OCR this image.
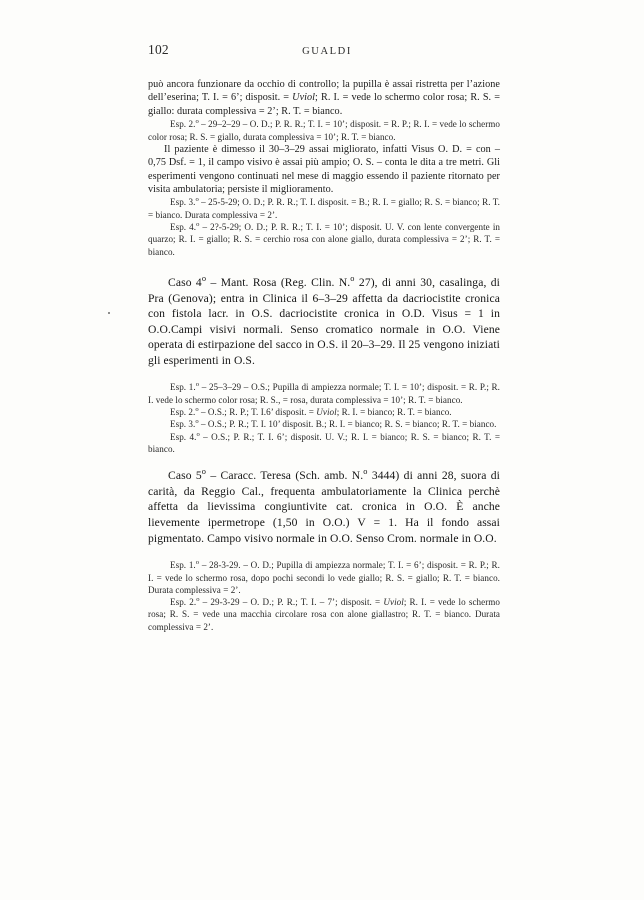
102	GUALDI

può ancora funzionare da occhio di controllo; la pupilla è assai ristretta per l’azione dell’eserina; T. I. = 6’; disposit. = Uviol; R. I. = vede lo schermo color rosa; R. S. = giallo: durata complessiva = 2’; R. T. = bianco.

Esp. 2.$^o$ – 29–2–29 – O. D.; P. R. R.; T. I. = 10’; disposit. = R. P.; R. I. = vede lo schermo color rosa; R. S. = giallo, durata complessiva = 10’; R. T. = bianco.

Il paziente è dimesso il 30–3–29 assai migliorato, infatti Visus O. D. = con – 0,75 Dsf. = 1, il campo visivo è assai più ampio; O. S. – conta le dita a tre metri. Gli esperimenti vengono continuati nel mese di maggio essendo il paziente ritornato per visita ambulatoria; persiste il miglioramento.

Esp. 3.$^o$ – 25-5-29; O. D.; P. R. R.; T. I. disposit. = B.; R. I. = giallo; R. S. = bianco; R. T. = bianco. Durata complessiva = 2’.

Esp. 4.$^o$ – 2?-5-29; O. D.; P. R. R.; T. I. = 10’; disposit. U. V. con lente convergente in quarzo; R. I. = giallo; R. S. = cerchio rosa con alone giallo, durata complessiva = 2’; R. T. = bianco.

Caso 4$^o$ – Mant. Rosa (Reg. Clin. N.$^o$ 27), di anni 30, casalinga, di Pra (Genova); entra in Clinica il 6–3–29 affetta da dacriocistite cronica con fistola lacr. in O.S. dacriocistite cronica in O.D. Visus = 1 in O.O.Campi visivi normali. Senso cromatico normale in O.O. Viene operata di estirpazione del sacco in O.S. il 20–3–29. Il 25 vengono iniziati gli esperimenti in O.S.

Esp. 1.$^o$ – 25–3–29 – O.S.; Pupilla di ampiezza normale; T. I. = 10’; disposit. = R. P.; R. I. vede lo schermo color rosa; R. S., = rosa, durata complessiva = 10’; R. T. = bianco.

Esp. 2.$^o$ – O.S.; R. P.; T. I.6’ disposit. = Uviol; R. I. = bianco; R. T. = bianco.

Esp. 3.$^o$ – O.S.; P. R.; T. I. 10’ disposit. B.; R. I. = bianco; R. S. = bianco; R. T. = bianco.

Esp. 4.$^o$ – O.S.; P. R.; T. I. 6’; disposit. U. V.; R. I. = bianco; R. S. = bianco; R. T. = bianco.

Caso 5$^o$ – Caracc. Teresa (Sch. amb. N.$^o$ 3444) di anni 28, suora di carità, da Reggio Cal., frequenta ambulatoriamente la Clinica perchè affetta da lievissima congiuntivite cat. cronica in O.O. È anche lievemente ipermetrope (1,50 in O.O.) V = 1. Ha il fondo assai pigmentato. Campo visivo normale in O.O. Senso Crom. normale in O.O.

Esp. 1.$^o$ – 28-3-29. – O. D.; Pupilla di ampiezza normale; T. I. = 6’; disposit. = R. P.; R. I. = vede lo schermo rosa, dopo pochi secondi lo vede giallo; R. S. = giallo; R. T. = bianco. Durata complessiva = 2’.

Esp. 2.$^o$ – 29-3-29 – O. D.; P. R.; T. I. – 7’; disposit. = Uviol; R. I. = vede lo schermo rosa; R. S. = vede una macchia circolare rosa con alone giallastro; R. T. = bianco. Durata complessiva = 2’.
